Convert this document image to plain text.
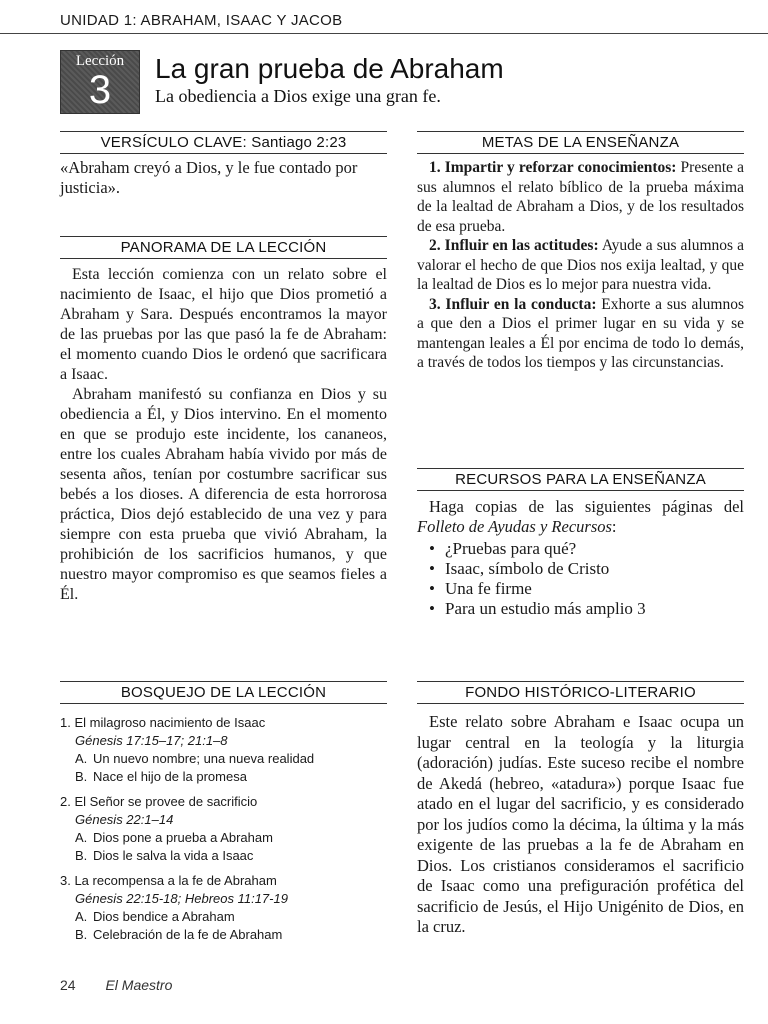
UNIDAD 1: ABRAHAM, ISAAC Y JACOB
Lección
3	La gran prueba de Abraham
La obediencia a Dios exige una gran fe.
VERSÍCULO CLAVE: Santiago 2:23
«Abraham creyó a Dios, y le fue contado por justicia».
PANORAMA DE LA LECCIÓN
Esta lección comienza con un relato sobre el nacimiento de Isaac, el hijo que Dios prometió a Abraham y Sara. Después encontramos la mayor de las pruebas por las que pasó la fe de Abraham: el momento cuando Dios le ordenó que sacrificara a Isaac.
Abraham manifestó su confianza en Dios y su obediencia a Él, y Dios intervino. En el momento en que se produjo este incidente, los cananeos, entre los cuales Abraham había vivido por más de sesenta años, tenían por costumbre sacrificar sus bebés a los dioses. A diferencia de esta horrorosa práctica, Dios dejó establecido de una vez y para siempre con esta prueba que vivió Abraham, la prohibición de los sacrificios humanos, y que nuestro mayor compromiso es que seamos fieles a Él.
BOSQUEJO DE LA LECCIÓN
1. El milagroso nacimiento de Isaac
Génesis 17:15–17; 21:1–8
A. Un nuevo nombre; una nueva realidad
B. Nace el hijo de la promesa
2. El Señor se provee de sacrificio
Génesis 22:1–14
A. Dios pone a prueba a Abraham
B. Dios le salva la vida a Isaac
3. La recompensa a la fe de Abraham
Génesis 22:15-18; Hebreos 11:17-19
A. Dios bendice a Abraham
B. Celebración de la fe de Abraham
METAS DE LA ENSEÑANZA
1. Impartir y reforzar conocimientos: Presente a sus alumnos el relato bíblico de la prueba máxima de la lealtad de Abraham a Dios, y de los resultados de esa prueba.
2. Influir en las actitudes: Ayude a sus alumnos a valorar el hecho de que Dios nos exija lealtad, y que la lealtad de Dios es lo mejor para nuestra vida.
3. Influir en la conducta: Exhorte a sus alumnos a que den a Dios el primer lugar en su vida y se mantengan leales a Él por encima de todo lo demás, a través de todos los tiempos y las circunstancias.
RECURSOS PARA LA ENSEÑANZA
Haga copias de las siguientes páginas del Folleto de Ayudas y Recursos:
• ¿Pruebas para qué?
• Isaac, símbolo de Cristo
• Una fe firme
• Para un estudio más amplio 3
FONDO HISTÓRICO-LITERARIO
Este relato sobre Abraham e Isaac ocupa un lugar central en la teología y la liturgia (adoración) judías. Este suceso recibe el nombre de Akedá (hebreo, «atadura») porque Isaac fue atado en el lugar del sacrificio, y es considerado por los judíos como la décima, la última y la más exigente de las pruebas a la fe de Abraham en Dios. Los cristianos consideramos el sacrificio de Isaac como una prefiguración profética del sacrificio de Jesús, el Hijo Unigénito de Dios, en la cruz.
24 El Maestro
